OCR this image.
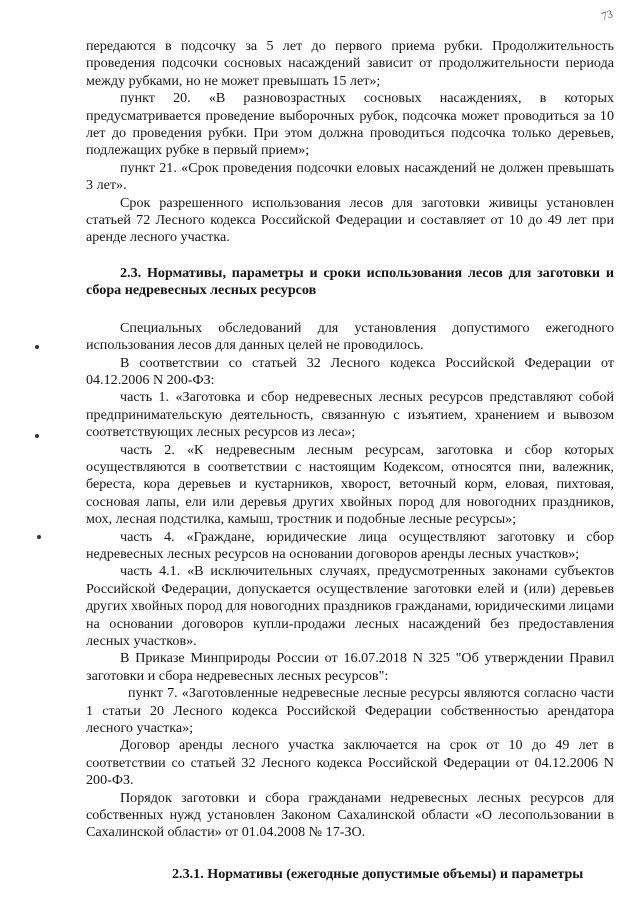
73

передаются в подсочку за 5 лет до первого приема рубки. Продолжительность проведения подсочки сосновых насаждений зависит от продолжительности периода между рубками, но не может превышать 15 лет»;

пункт 20. «В разновозрастных сосновых насаждениях, в которых предусматривается проведение выборочных рубок, подсочка может проводиться за 10 лет до проведения рубки. При этом должна проводиться подсочка только деревьев, подлежащих рубке в первый прием»;

пункт 21. «Срок проведения подсочки еловых насаждений не должен превышать 3 лет».

Срок разрешенного использования лесов для заготовки живицы установлен статьей 72 Лесного кодекса Российской Федерации и составляет от 10 до 49 лет при аренде лесного участка.

2.3. Нормативы, параметры и сроки использования лесов для заготовки и сбора недревесных лесных ресурсов

Специальных обследований для установления допустимого ежегодного использования лесов для данных целей не проводилось.

В соответствии со статьей 32 Лесного кодекса Российской Федерации от 04.12.2006 N 200-ФЗ:

часть 1. «Заготовка и сбор недревесных лесных ресурсов представляют собой предпринимательскую деятельность, связанную с изъятием, хранением и вывозом соответствующих лесных ресурсов из леса»;

часть 2. «К недревесным лесным ресурсам, заготовка и сбор которых осуществляются в соответствии с настоящим Кодексом, относятся пни, валежник, береста, кора деревьев и кустарников, хворост, веточный корм, еловая, пихтовая, сосновая лапы, ели или деревья других хвойных пород для новогодних праздников, мох, лесная подстилка, камыш, тростник и подобные лесные ресурсы»;

часть 4. «Граждане, юридические лица осуществляют заготовку и сбор недревесных лесных ресурсов на основании договоров аренды лесных участков»;

часть 4.1. «В исключительных случаях, предусмотренных законами субъектов Российской Федерации, допускается осуществление заготовки елей и (или) деревьев других хвойных пород для новогодних праздников гражданами, юридическими лицами на основании договоров купли-продажи лесных насаждений без предоставления лесных участков».

В Приказе Минприроды России от 16.07.2018 N 325 "Об утверждении Правил заготовки и сбора недревесных лесных ресурсов":

пункт 7. «Заготовленные недревесные лесные ресурсы являются согласно части 1 статьи 20 Лесного кодекса Российской Федерации собственностью арендатора лесного участка»;

Договор аренды лесного участка заключается на срок от 10 до 49 лет в соответствии со статьей 32 Лесного кодекса Российской Федерации от 04.12.2006 N 200-ФЗ.

Порядок заготовки и сбора гражданами недревесных лесных ресурсов для собственных нужд установлен Законом Сахалинской области «О лесопользовании в Сахалинской области» от 01.04.2008 № 17-ЗО.

2.3.1. Нормативы (ежегодные допустимые объемы) и параметры
